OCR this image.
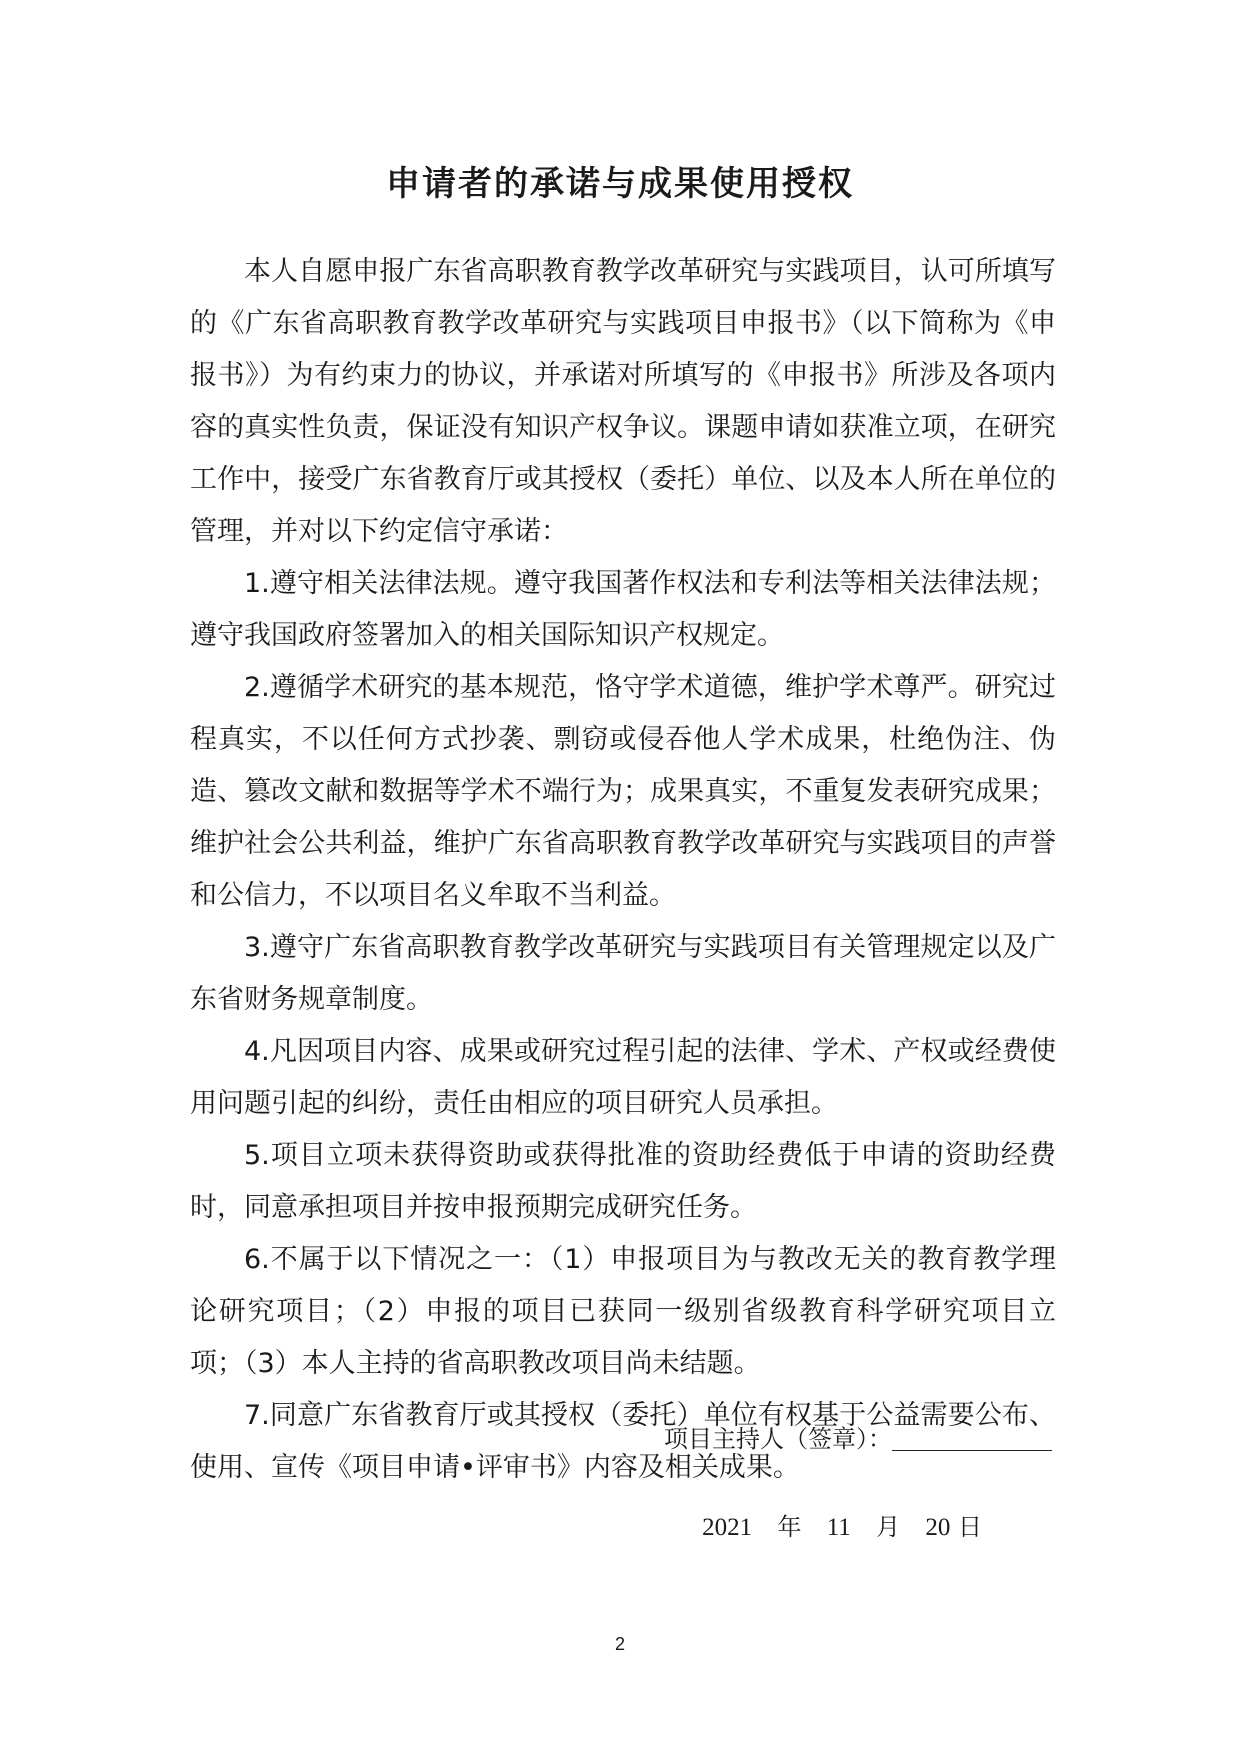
申请者的承诺与成果使用授权

本人自愿申报广东省高职教育教学改革研究与实践项目，认可所填写的《广东省高职教育教学改革研究与实践项目申报书》（以下简称为《申报书》）为有约束力的协议，并承诺对所填写的《申报书》所涉及各项内容的真实性负责，保证没有知识产权争议。课题申请如获准立项，在研究工作中，接受广东省教育厅或其授权（委托）单位、以及本人所在单位的管理，并对以下约定信守承诺：

1.遵守相关法律法规。遵守我国著作权法和专利法等相关法律法规；遵守我国政府签署加入的相关国际知识产权规定。

2.遵循学术研究的基本规范，恪守学术道德，维护学术尊严。研究过程真实，不以任何方式抄袭、剽窃或侵吞他人学术成果，杜绝伪注、伪造、篡改文献和数据等学术不端行为；成果真实，不重复发表研究成果；维护社会公共利益，维护广东省高职教育教学改革研究与实践项目的声誉和公信力，不以项目名义牟取不当利益。

3.遵守广东省高职教育教学改革研究与实践项目有关管理规定以及广东省财务规章制度。

4.凡因项目内容、成果或研究过程引起的法律、学术、产权或经费使用问题引起的纠纷，责任由相应的项目研究人员承担。

5.项目立项未获得资助或获得批准的资助经费低于申请的资助经费时，同意承担项目并按申报预期完成研究任务。

6.不属于以下情况之一：（1）申报项目为与教改无关的教育教学理论研究项目；（2）申报的项目已获同一级别省级教育科学研究项目立项；（3）本人主持的省高职教改项目尚未结题。

7.同意广东省教育厅或其授权（委托）单位有权基于公益需要公布、使用、宣传《项目申请•评审书》内容及相关成果。

项目主持人（签章）：
2021 年 11 月 20 日
2
